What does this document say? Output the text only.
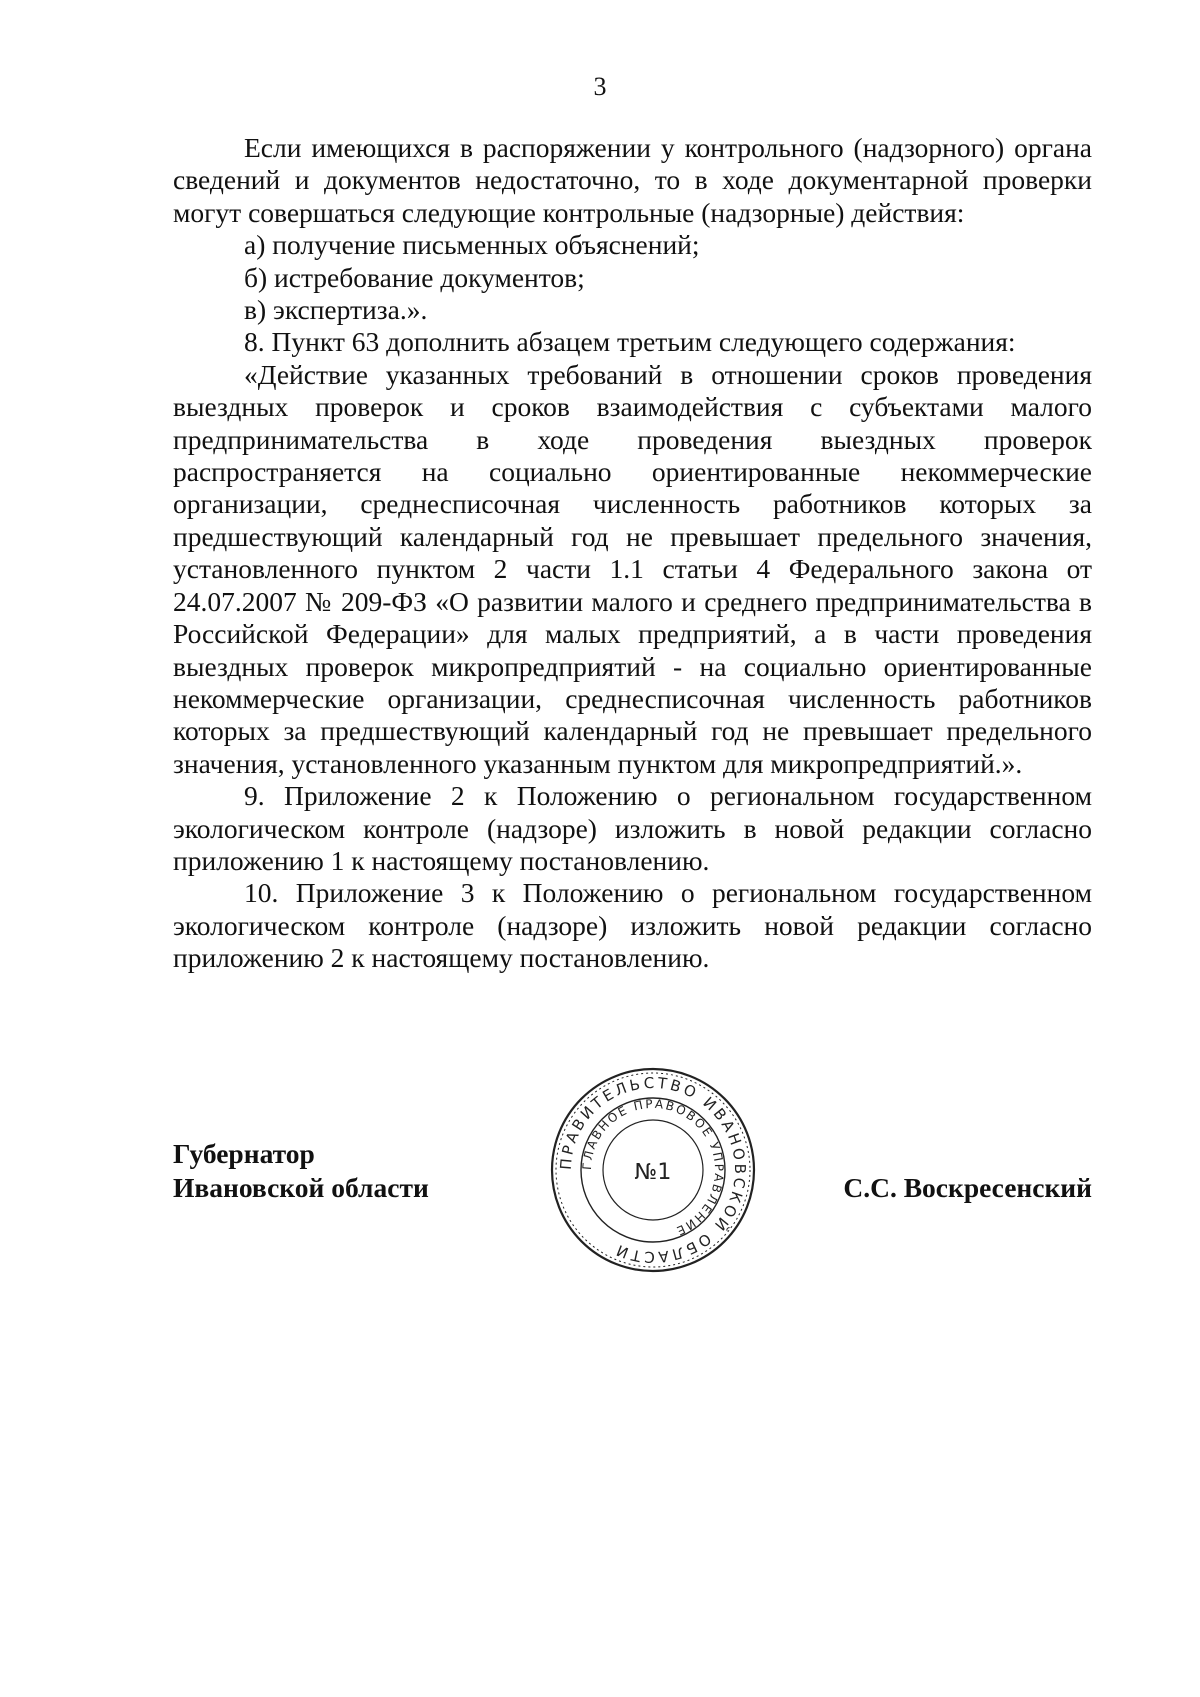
3

Если имеющихся в распоряжении у контрольного (надзорного) органа сведений и документов недостаточно, то в ходе документарной проверки могут совершаться следующие контрольные (надзорные) действия:

а) получение письменных объяснений;

б) истребование документов;

в) экспертиза.».

8. Пункт 63 дополнить абзацем третьим следующего содержания:

«Действие указанных требований в отношении сроков проведения выездных проверок и сроков взаимодействия с субъектами малого предпринимательства в ходе проведения выездных проверок распространяется на социально ориентированные некоммерческие организации, среднесписочная численность работников которых за предшествующий календарный год не превышает предельного значения, установленного пунктом 2 части 1.1 статьи 4 Федерального закона от 24.07.2007 № 209-ФЗ «О развитии малого и среднего предпринимательства в Российской Федерации» для малых предприятий, а в части проведения выездных проверок микропредприятий - на социально ориентированные некоммерческие организации, среднесписочная численность работников которых за предшествующий календарный год не превышает предельного значения, установленного указанным пунктом для микропредприятий.».

9. Приложение 2 к Положению о региональном государственном экологическом контроле (надзоре) изложить в новой редакции согласно приложению 1 к настоящему постановлению.

10. Приложение 3 к Положению о региональном государственном экологическом контроле (надзоре) изложить новой редакции согласно приложению 2 к настоящему постановлению.

Губернатор
Ивановской области	С.С. Воскресенский
ПРАВИТЕЛЬСТВО ИВАНОВСКОЙ ОБЛАСТИ
ГЛАВНОЕ ПРАВОВОЕ УПРАВЛЕНИЕ
№1
